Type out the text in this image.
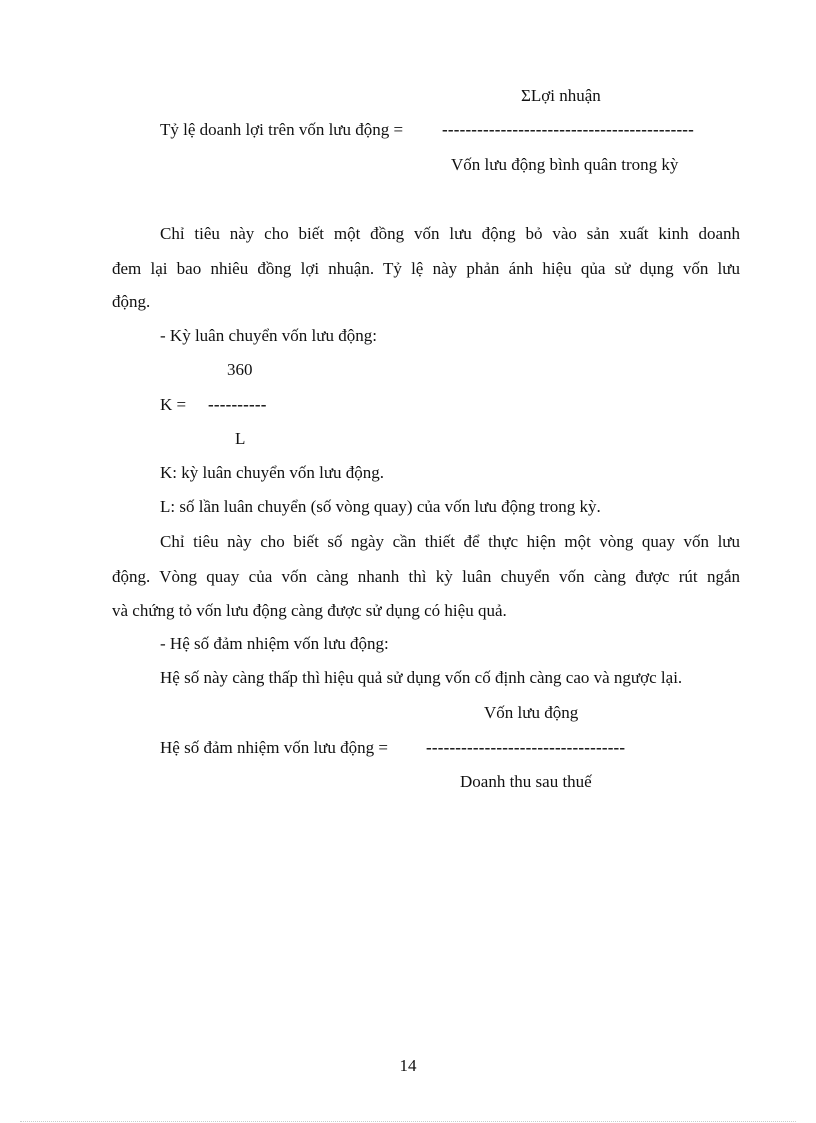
ΣLợi nhuận
Tỷ lệ doanh lợi trên vốn lưu động = -------------------------------------------
Vốn lưu động bình quân trong kỳ
Chỉ tiêu này cho biết một đồng vốn lưu động bỏ vào sản xuất kinh doanh
đem lại bao nhiêu đồng lợi nhuận. Tỷ lệ này phản ánh hiệu qủa sử dụng vốn lưu
động.
- Kỳ luân chuyển vốn lưu động:
360
K = ----------
L
K: kỳ luân chuyển vốn lưu động.
L: số lần luân chuyển (số vòng quay) của vốn lưu động trong kỳ.
Chỉ tiêu này cho biết số ngày cần thiết để thực hiện một vòng quay vốn lưu
động. Vòng quay của vốn càng nhanh thì kỳ luân chuyển vốn càng được rút ngắn
và chứng tỏ vốn lưu động càng được sử dụng có hiệu quả.
- Hệ số đảm nhiệm vốn lưu động:
Hệ số này càng thấp thì hiệu quả sử dụng vốn cố định càng cao và ngược lại.
Vốn lưu động
Hệ số đảm nhiệm vốn lưu động = ----------------------------------
Doanh thu sau thuế
14
